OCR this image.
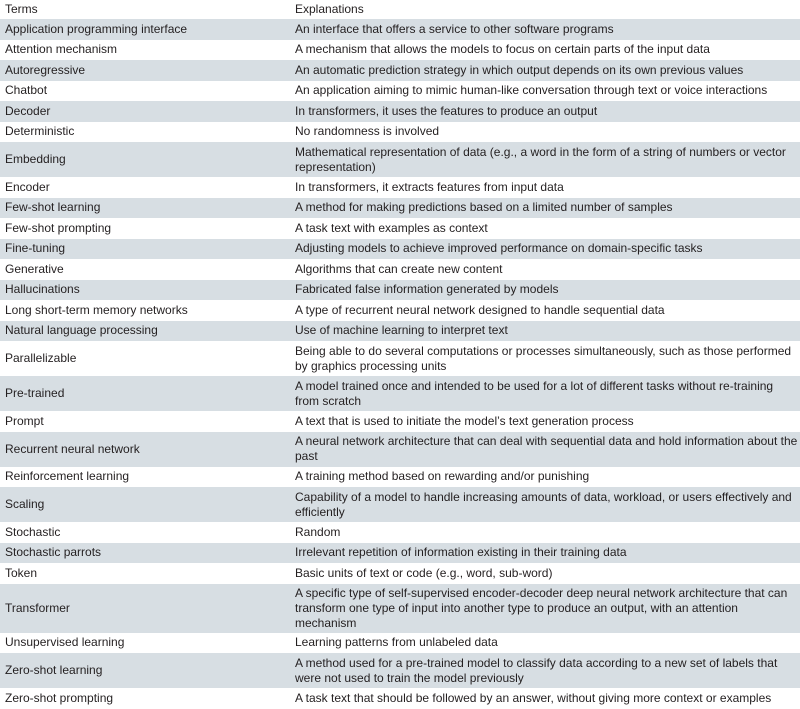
Terms	Explanations
Application programming interface	An interface that offers a service to other software programs
Attention mechanism	A mechanism that allows the models to focus on certain parts of the input data
Autoregressive	An automatic prediction strategy in which output depends on its own previous values
Chatbot	An application aiming to mimic human-like conversation through text or voice interactions
Decoder	In transformers, it uses the features to produce an output
Deterministic	No randomness is involved
Embedding	Mathematical representation of data (e.g., a word in the form of a string of numbers or vector representation)
Encoder	In transformers, it extracts features from input data
Few-shot learning	A method for making predictions based on a limited number of samples
Few-shot prompting	A task text with examples as context
Fine-tuning	Adjusting models to achieve improved performance on domain-specific tasks
Generative	Algorithms that can create new content
Hallucinations	Fabricated false information generated by models
Long short-term memory networks	A type of recurrent neural network designed to handle sequential data
Natural language processing	Use of machine learning to interpret text
Parallelizable	Being able to do several computations or processes simultaneously, such as those performed by graphics processing units
Pre-trained	A model trained once and intended to be used for a lot of different tasks without re-training from scratch
Prompt	A text that is used to initiate the model’s text generation process
Recurrent neural network	A neural network architecture that can deal with sequential data and hold information about the past
Reinforcement learning	A training method based on rewarding and/or punishing
Scaling	Capability of a model to handle increasing amounts of data, workload, or users effectively and efficiently
Stochastic	Random
Stochastic parrots	Irrelevant repetition of information existing in their training data
Token	Basic units of text or code (e.g., word, sub-word)
Transformer	A specific type of self-supervised encoder-decoder deep neural network architecture that can transform one type of input into another type to produce an output, with an attention mechanism
Unsupervised learning	Learning patterns from unlabeled data
Zero-shot learning	A method used for a pre-trained model to classify data according to a new set of labels that were not used to train the model previously
Zero-shot prompting	A task text that should be followed by an answer, without giving more context or examples
